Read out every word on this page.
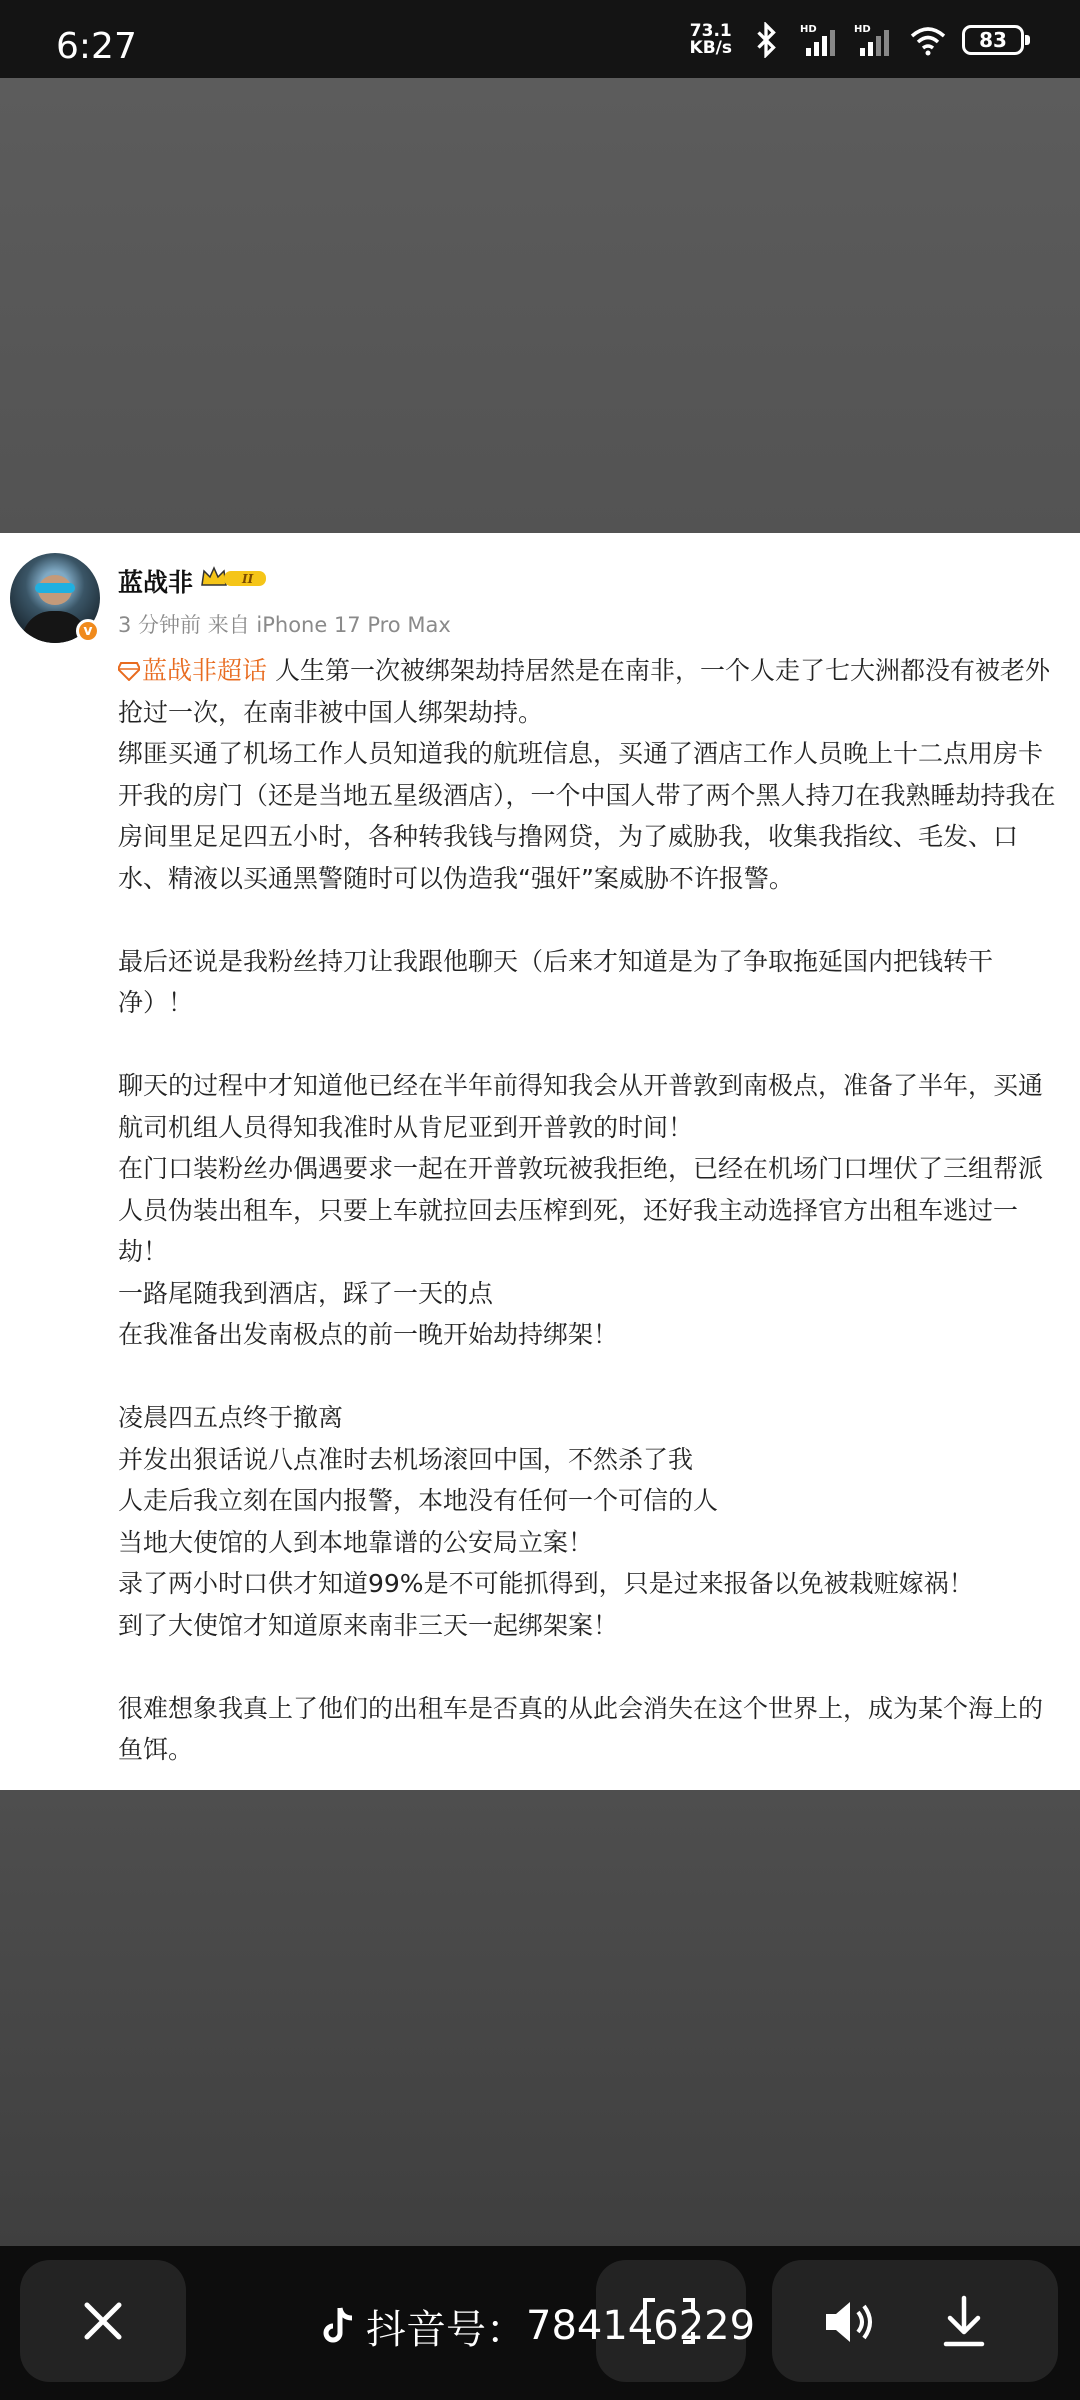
6:27	73.1
KB/s
HD	HD	83
v
蓝战非	II
3 分钟前 来自 iPhone 17 Pro Max

蓝战非超话 人生第一次被绑架劫持居然是在南非，一个人走了七大洲都没有被老外抢过一次，在南非被中国人绑架劫持。

绑匪买通了机场工作人员知道我的航班信息，买通了酒店工作人员晚上十二点用房卡开我的房门（还是当地五星级酒店），一个中国人带了两个黑人持刀在我熟睡劫持我在房间里足足四五小时，各种转我钱与撸网贷，为了威胁我，收集我指纹、毛发、口水、精液以买通黑警随时可以伪造我“强奸”案威胁不许报警。

最后还说是我粉丝持刀让我跟他聊天（后来才知道是为了争取拖延国内把钱转干净）！

聊天的过程中才知道他已经在半年前得知我会从开普敦到南极点，准备了半年，买通航司机组人员得知我准时从肯尼亚到开普敦的时间！

在门口装粉丝办偶遇要求一起在开普敦玩被我拒绝，已经在机场门口埋伏了三组帮派人员伪装出租车，只要上车就拉回去压榨到死，还好我主动选择官方出租车逃过一劫！

一路尾随我到酒店，踩了一天的点

在我准备出发南极点的前一晚开始劫持绑架！

凌晨四五点终于撤离

并发出狠话说八点准时去机场滚回中国，不然杀了我

人走后我立刻在国内报警，本地没有任何一个可信的人

当地大使馆的人到本地靠谱的公安局立案！

录了两小时口供才知道99%是不可能抓得到，只是过来报备以免被栽赃嫁祸！

到了大使馆才知道原来南非三天一起绑架案！

很难想象我真上了他们的出租车是否真的从此会消失在这个世界上，成为某个海上的鱼饵。

抖音号： 784146229
